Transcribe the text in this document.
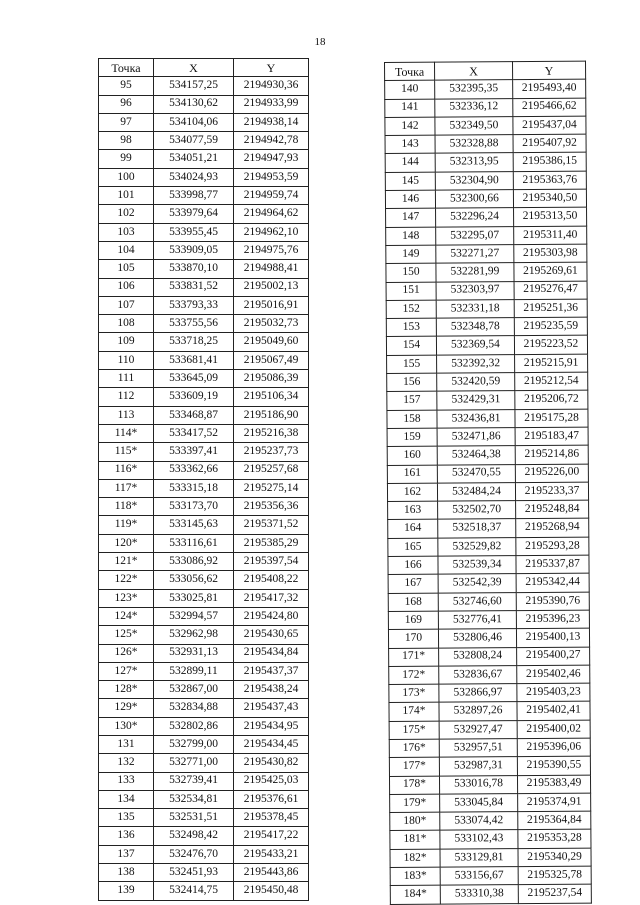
18
Точка	X	Y
95	534157,25	2194930,36
96	534130,62	2194933,99
97	534104,06	2194938,14
98	534077,59	2194942,78
99	534051,21	2194947,93
100	534024,93	2194953,59
101	533998,77	2194959,74
102	533979,64	2194964,62
103	533955,45	2194962,10
104	533909,05	2194975,76
105	533870,10	2194988,41
106	533831,52	2195002,13
107	533793,33	2195016,91
108	533755,56	2195032,73
109	533718,25	2195049,60
110	533681,41	2195067,49
111	533645,09	2195086,39
112	533609,19	2195106,34
113	533468,87	2195186,90
114*	533417,52	2195216,38
115*	533397,41	2195237,73
116*	533362,66	2195257,68
117*	533315,18	2195275,14
118*	533173,70	2195356,36
119*	533145,63	2195371,52
120*	533116,61	2195385,29
121*	533086,92	2195397,54
122*	533056,62	2195408,22
123*	533025,81	2195417,32
124*	532994,57	2195424,80
125*	532962,98	2195430,65
126*	532931,13	2195434,84
127*	532899,11	2195437,37
128*	532867,00	2195438,24
129*	532834,88	2195437,43
130*	532802,86	2195434,95
131	532799,00	2195434,45
132	532771,00	2195430,82
133	532739,41	2195425,03
134	532534,81	2195376,61
135	532531,51	2195378,45
136	532498,42	2195417,22
137	532476,70	2195433,21
138	532451,93	2195443,86
139	532414,75	2195450,48
Точка	X	Y
140	532395,35	2195493,40
141	532336,12	2195466,62
142	532349,50	2195437,04
143	532328,88	2195407,92
144	532313,95	2195386,15
145	532304,90	2195363,76
146	532300,66	2195340,50
147	532296,24	2195313,50
148	532295,07	2195311,40
149	532271,27	2195303,98
150	532281,99	2195269,61
151	532303,97	2195276,47
152	532331,18	2195251,36
153	532348,78	2195235,59
154	532369,54	2195223,52
155	532392,32	2195215,91
156	532420,59	2195212,54
157	532429,31	2195206,72
158	532436,81	2195175,28
159	532471,86	2195183,47
160	532464,38	2195214,86
161	532470,55	2195226,00
162	532484,24	2195233,37
163	532502,70	2195248,84
164	532518,37	2195268,94
165	532529,82	2195293,28
166	532539,34	2195337,87
167	532542,39	2195342,44
168	532746,60	2195390,76
169	532776,41	2195396,23
170	532806,46	2195400,13
171*	532808,24	2195400,27
172*	532836,67	2195402,46
173*	532866,97	2195403,23
174*	532897,26	2195402,41
175*	532927,47	2195400,02
176*	532957,51	2195396,06
177*	532987,31	2195390,55
178*	533016,78	2195383,49
179*	533045,84	2195374,91
180*	533074,42	2195364,84
181*	533102,43	2195353,28
182*	533129,81	2195340,29
183*	533156,67	2195325,78
184*	533310,38	2195237,54
